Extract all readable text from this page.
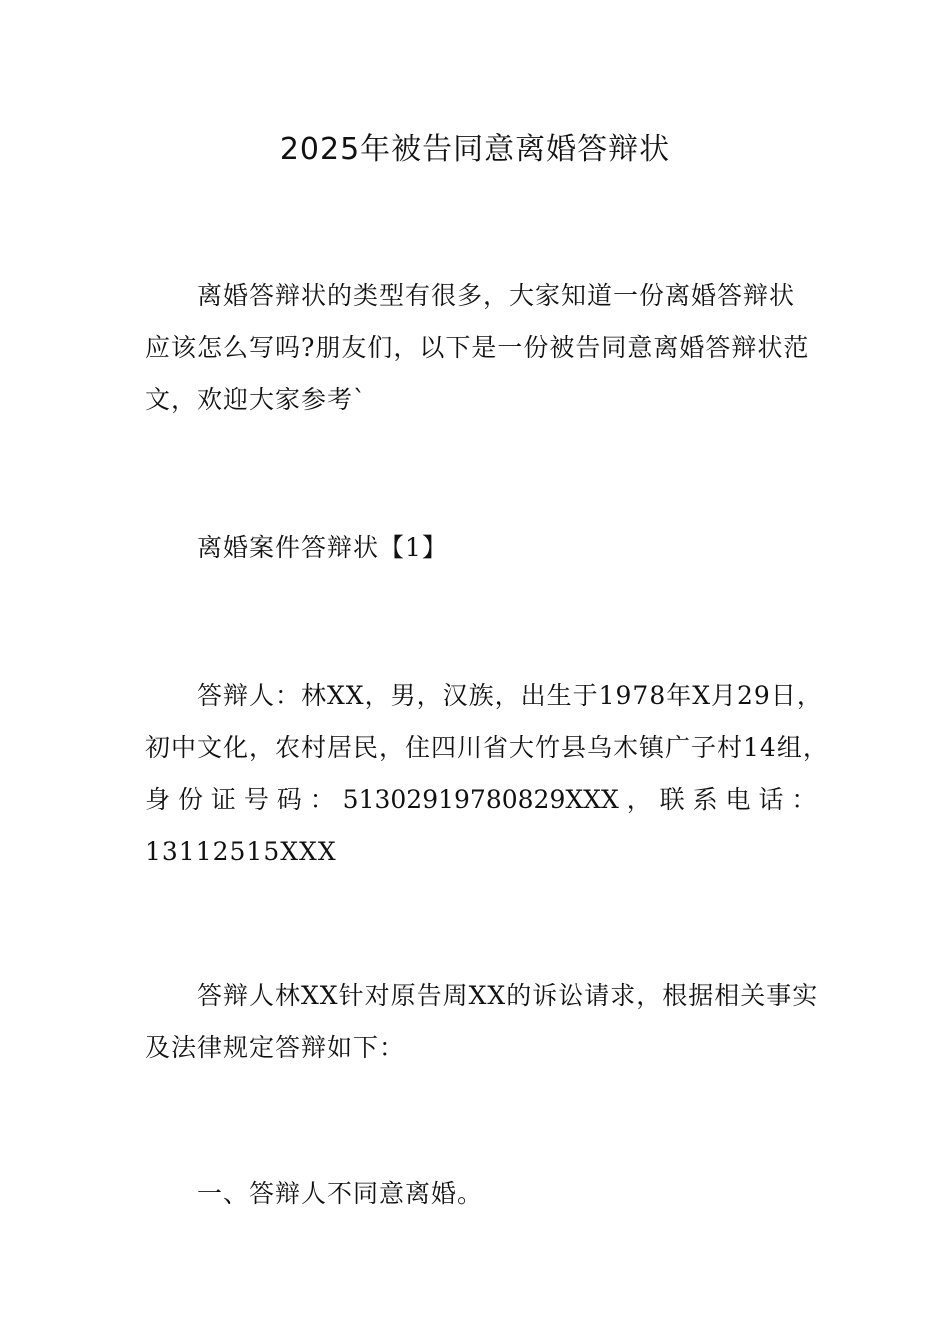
2025年被告同意离婚答辩状

离婚答辩状的类型有很多，大家知道一份离婚答辩状
应该怎么写吗?朋友们，以下是一份被告同意离婚答辩状范
文，欢迎大家参考`

离婚案件答辩状【1】

答辩人：林XX，男，汉族，出生于1978年X月29日，
初中文化，农村居民，住四川省大竹县乌木镇广子村14组，
身 份 证 号 码 ： 51302919780829XXX ， 联 系 电 话 ：
13112515XXX

答辩人林XX针对原告周XX的诉讼请求，根据相关事实
及法律规定答辩如下：

一、答辩人不同意离婚。
